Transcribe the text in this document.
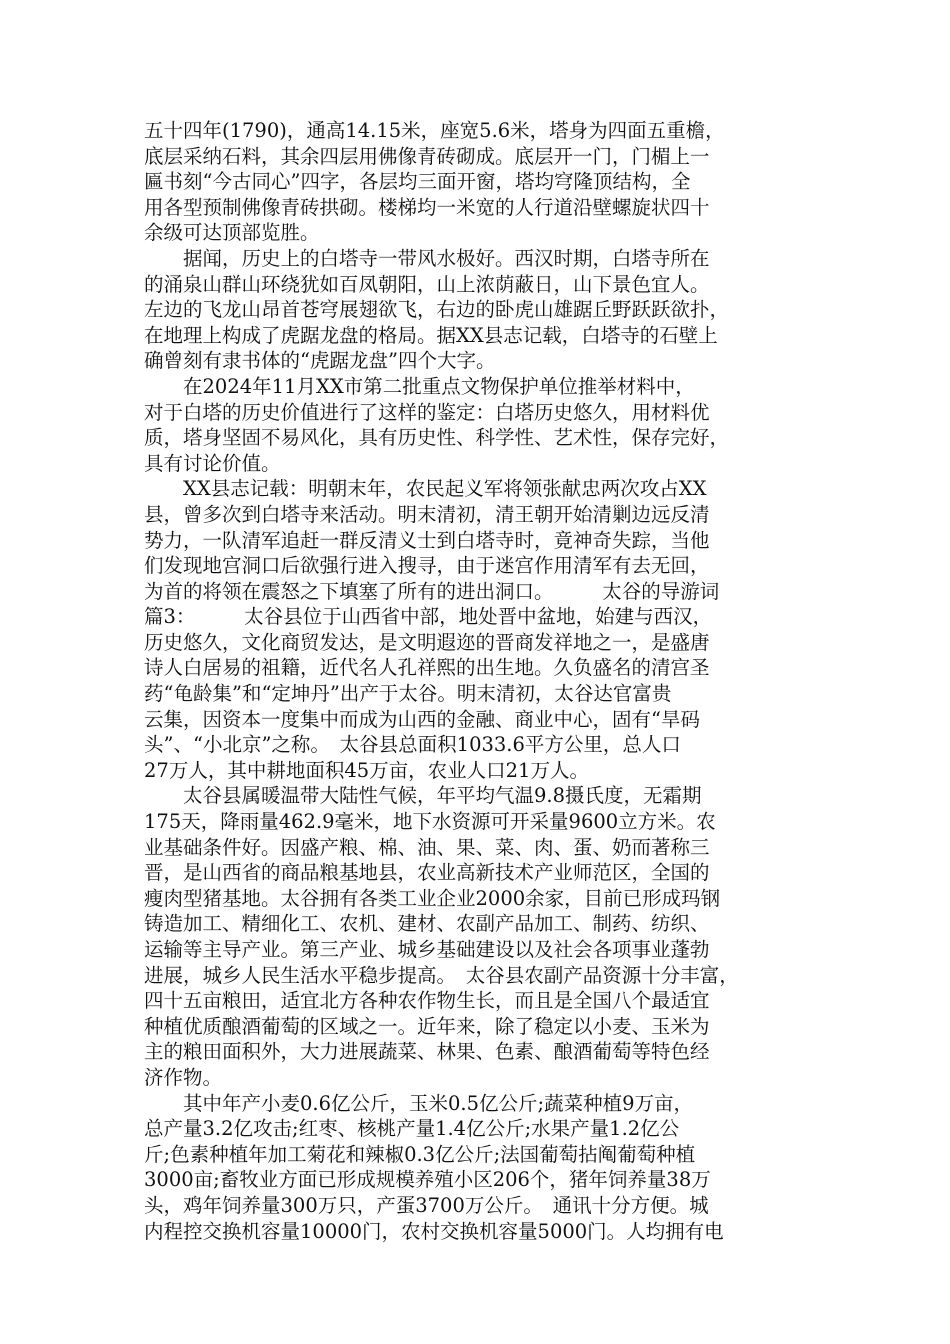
五十四年(1790)，通高14.15米，座宽5.6米，塔身为四面五重檐，
底层采纳石料，其余四层用佛像青砖砌成。底层开一门，门楣上一
匾书刻“今古同心”四字，各层均三面开窗，塔均穹隆顶结构，全
用各型预制佛像青砖拱砌。楼梯均一米宽的人行道沿壁螺旋状四十
余级可达顶部览胜。
　　据闻，历史上的白塔寺一带风水极好。西汉时期，白塔寺所在
的涌泉山群山环绕犹如百凤朝阳，山上浓荫蔽日，山下景色宜人。
左边的飞龙山昂首苍穹展翅欲飞，右边的卧虎山雄踞丘野跃跃欲扑，
在地理上构成了虎踞龙盘的格局。据XX县志记载，白塔寺的石壁上
确曾刻有隶书体的“虎踞龙盘”四个大字。
　　在2024年11月XX市第二批重点文物保护单位推举材料中，
对于白塔的历史价值进行了这样的鉴定：白塔历史悠久，用材料优
质，塔身坚固不易风化，具有历史性、科学性、艺术性，保存完好，
具有讨论价值。
　　XX县志记载：明朝末年，农民起义军将领张献忠两次攻占XX
县，曾多次到白塔寺来活动。明末清初，清王朝开始清剿边远反清
势力，一队清军追赶一群反清义士到白塔寺时，竟神奇失踪，当他
们发现地宫洞口后欲强行进入搜寻，由于迷宫作用清军有去无回，
为首的将领在震怒之下填塞了所有的进出洞口。　　　太谷的导游词
篇3：　　　太谷县位于山西省中部，地处晋中盆地，始建与西汉，
历史悠久，文化商贸发达，是文明遐迩的晋商发祥地之一，是盛唐
诗人白居易的祖籍，近代名人孔祥熙的出生地。久负盛名的清宫圣
药“龟龄集”和“定坤丹”出产于太谷。明末清初，太谷达官富贵
云集，因资本一度集中而成为山西的金融、商业中心，固有“旱码
头”、“小北京”之称。　太谷县总面积1033.6平方公里，总人口
27万人，其中耕地面积45万亩，农业人口21万人。
　　太谷县属暖温带大陆性气候，年平均气温9.8摄氏度，无霜期
175天，降雨量462.9毫米，地下水资源可开采量9600立方米。农
业基础条件好。因盛产粮、棉、油、果、菜、肉、蛋、奶而著称三
晋，是山西省的商品粮基地县，农业高新技术产业师范区，全国的
瘦肉型猪基地。太谷拥有各类工业企业2000余家，目前已形成玛钢
铸造加工、精细化工、农机、建材、农副产品加工、制药、纺织、
运输等主导产业。第三产业、城乡基础建设以及社会各项事业蓬勃
进展，城乡人民生活水平稳步提高。　太谷县农副产品资源十分丰富，
四十五亩粮田，适宜北方各种农作物生长，而且是全国八个最适宜
种植优质酿酒葡萄的区域之一。近年来，除了稳定以小麦、玉米为
主的粮田面积外，大力进展蔬菜、林果、色素、酿酒葡萄等特色经
济作物。
　　其中年产小麦0.6亿公斤，玉米0.5亿公斤;蔬菜种植9万亩，
总产量3.2亿攻击;红枣、核桃产量1.4亿公斤;水果产量1.2亿公
斤;色素种植年加工菊花和辣椒0.3亿公斤;法国葡萄拈阄葡萄种植
3000亩;畜牧业方面已形成规模养殖小区206个，猪年饲养量38万
头，鸡年饲养量300万只，产蛋3700万公斤。　通讯十分方便。城
内程控交换机容量10000门，农村交换机容量5000门。人均拥有电
